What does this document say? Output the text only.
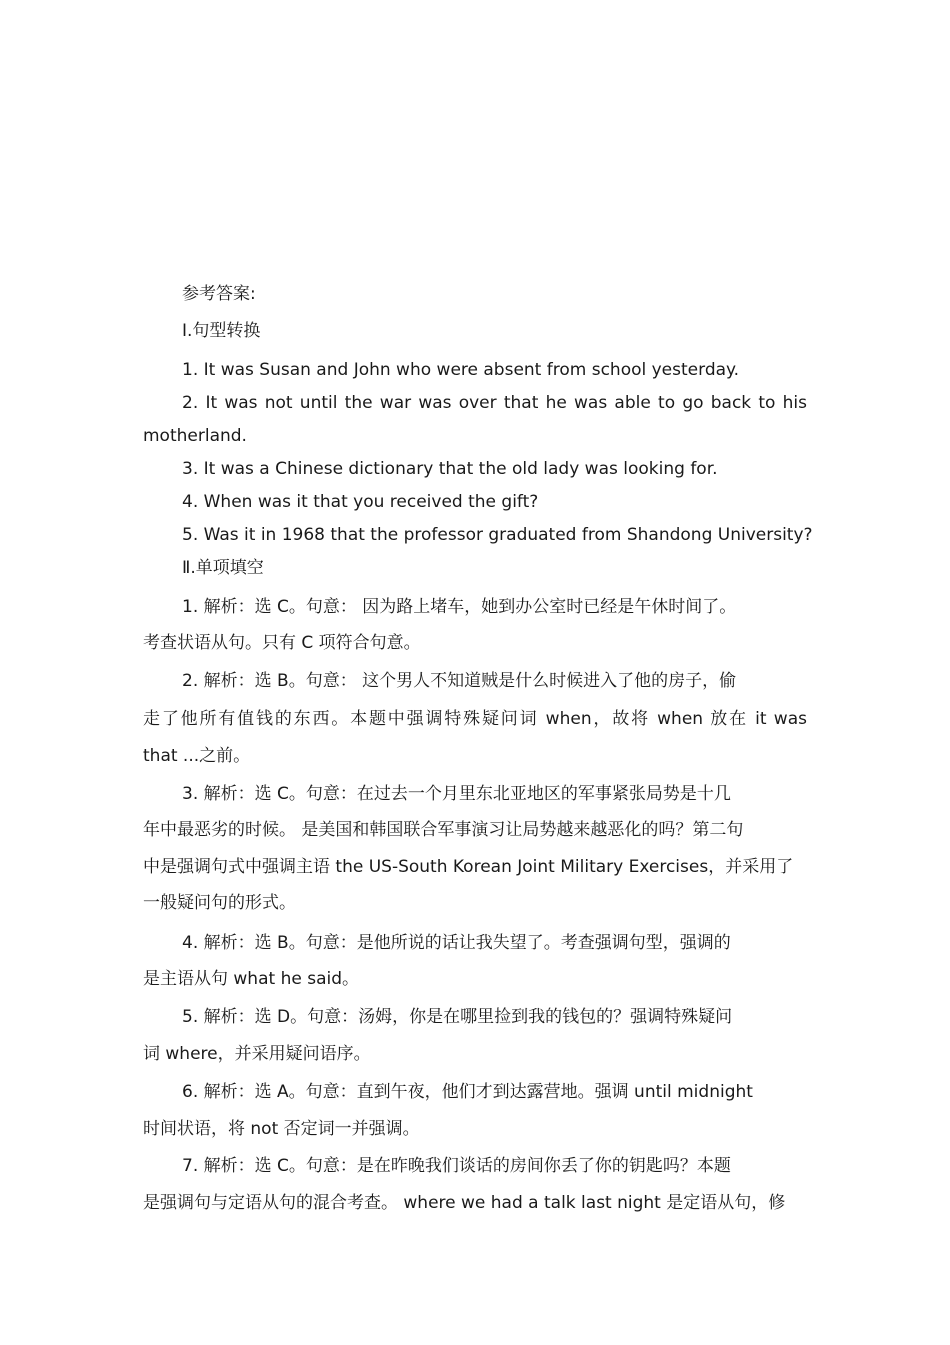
参考答案:
Ⅰ.句型转换
1. It was Susan and John who were absent from school yesterday.
2. It was not until the war was over that he was able to go back to his
motherland.
3. It was a Chinese dictionary that the old lady was looking for.
4. When was it that you received the gift?
5. Was it in 1968 that the professor graduated from Shandong University?
Ⅱ.单项填空
1. 解析：选 C。句意： 因为路上堵车，她到办公室时已经是午休时间了。
考查状语从句。只有 C 项符合句意。
2. 解析：选 B。句意： 这个男人不知道贼是什么时候进入了他的房子，偷
走了他所有值钱的东西。本题中强调特殊疑问词 when，故将 when 放在 it was
that ...之前。
3. 解析：选 C。句意：在过去一个月里东北亚地区的军事紧张局势是十几
年中最恶劣的时候。 是美国和韩国联合军事演习让局势越来越恶化的吗？第二句
中是强调句式中强调主语 the US-South Korean Joint Military Exercises，并采用了
一般疑问句的形式。
4. 解析：选 B。句意：是他所说的话让我失望了。考查强调句型，强调的
是主语从句 what he said。
5. 解析：选 D。句意：汤姆，你是在哪里捡到我的钱包的？强调特殊疑问
词 where，并采用疑问语序。
6. 解析：选 A。句意：直到午夜，他们才到达露营地。强调 until midnight
时间状语，将 not 否定词一并强调。
7. 解析：选 C。句意：是在昨晚我们谈话的房间你丢了你的钥匙吗？本题
是强调句与定语从句的混合考查。 where we had a talk last night 是定语从句，修
